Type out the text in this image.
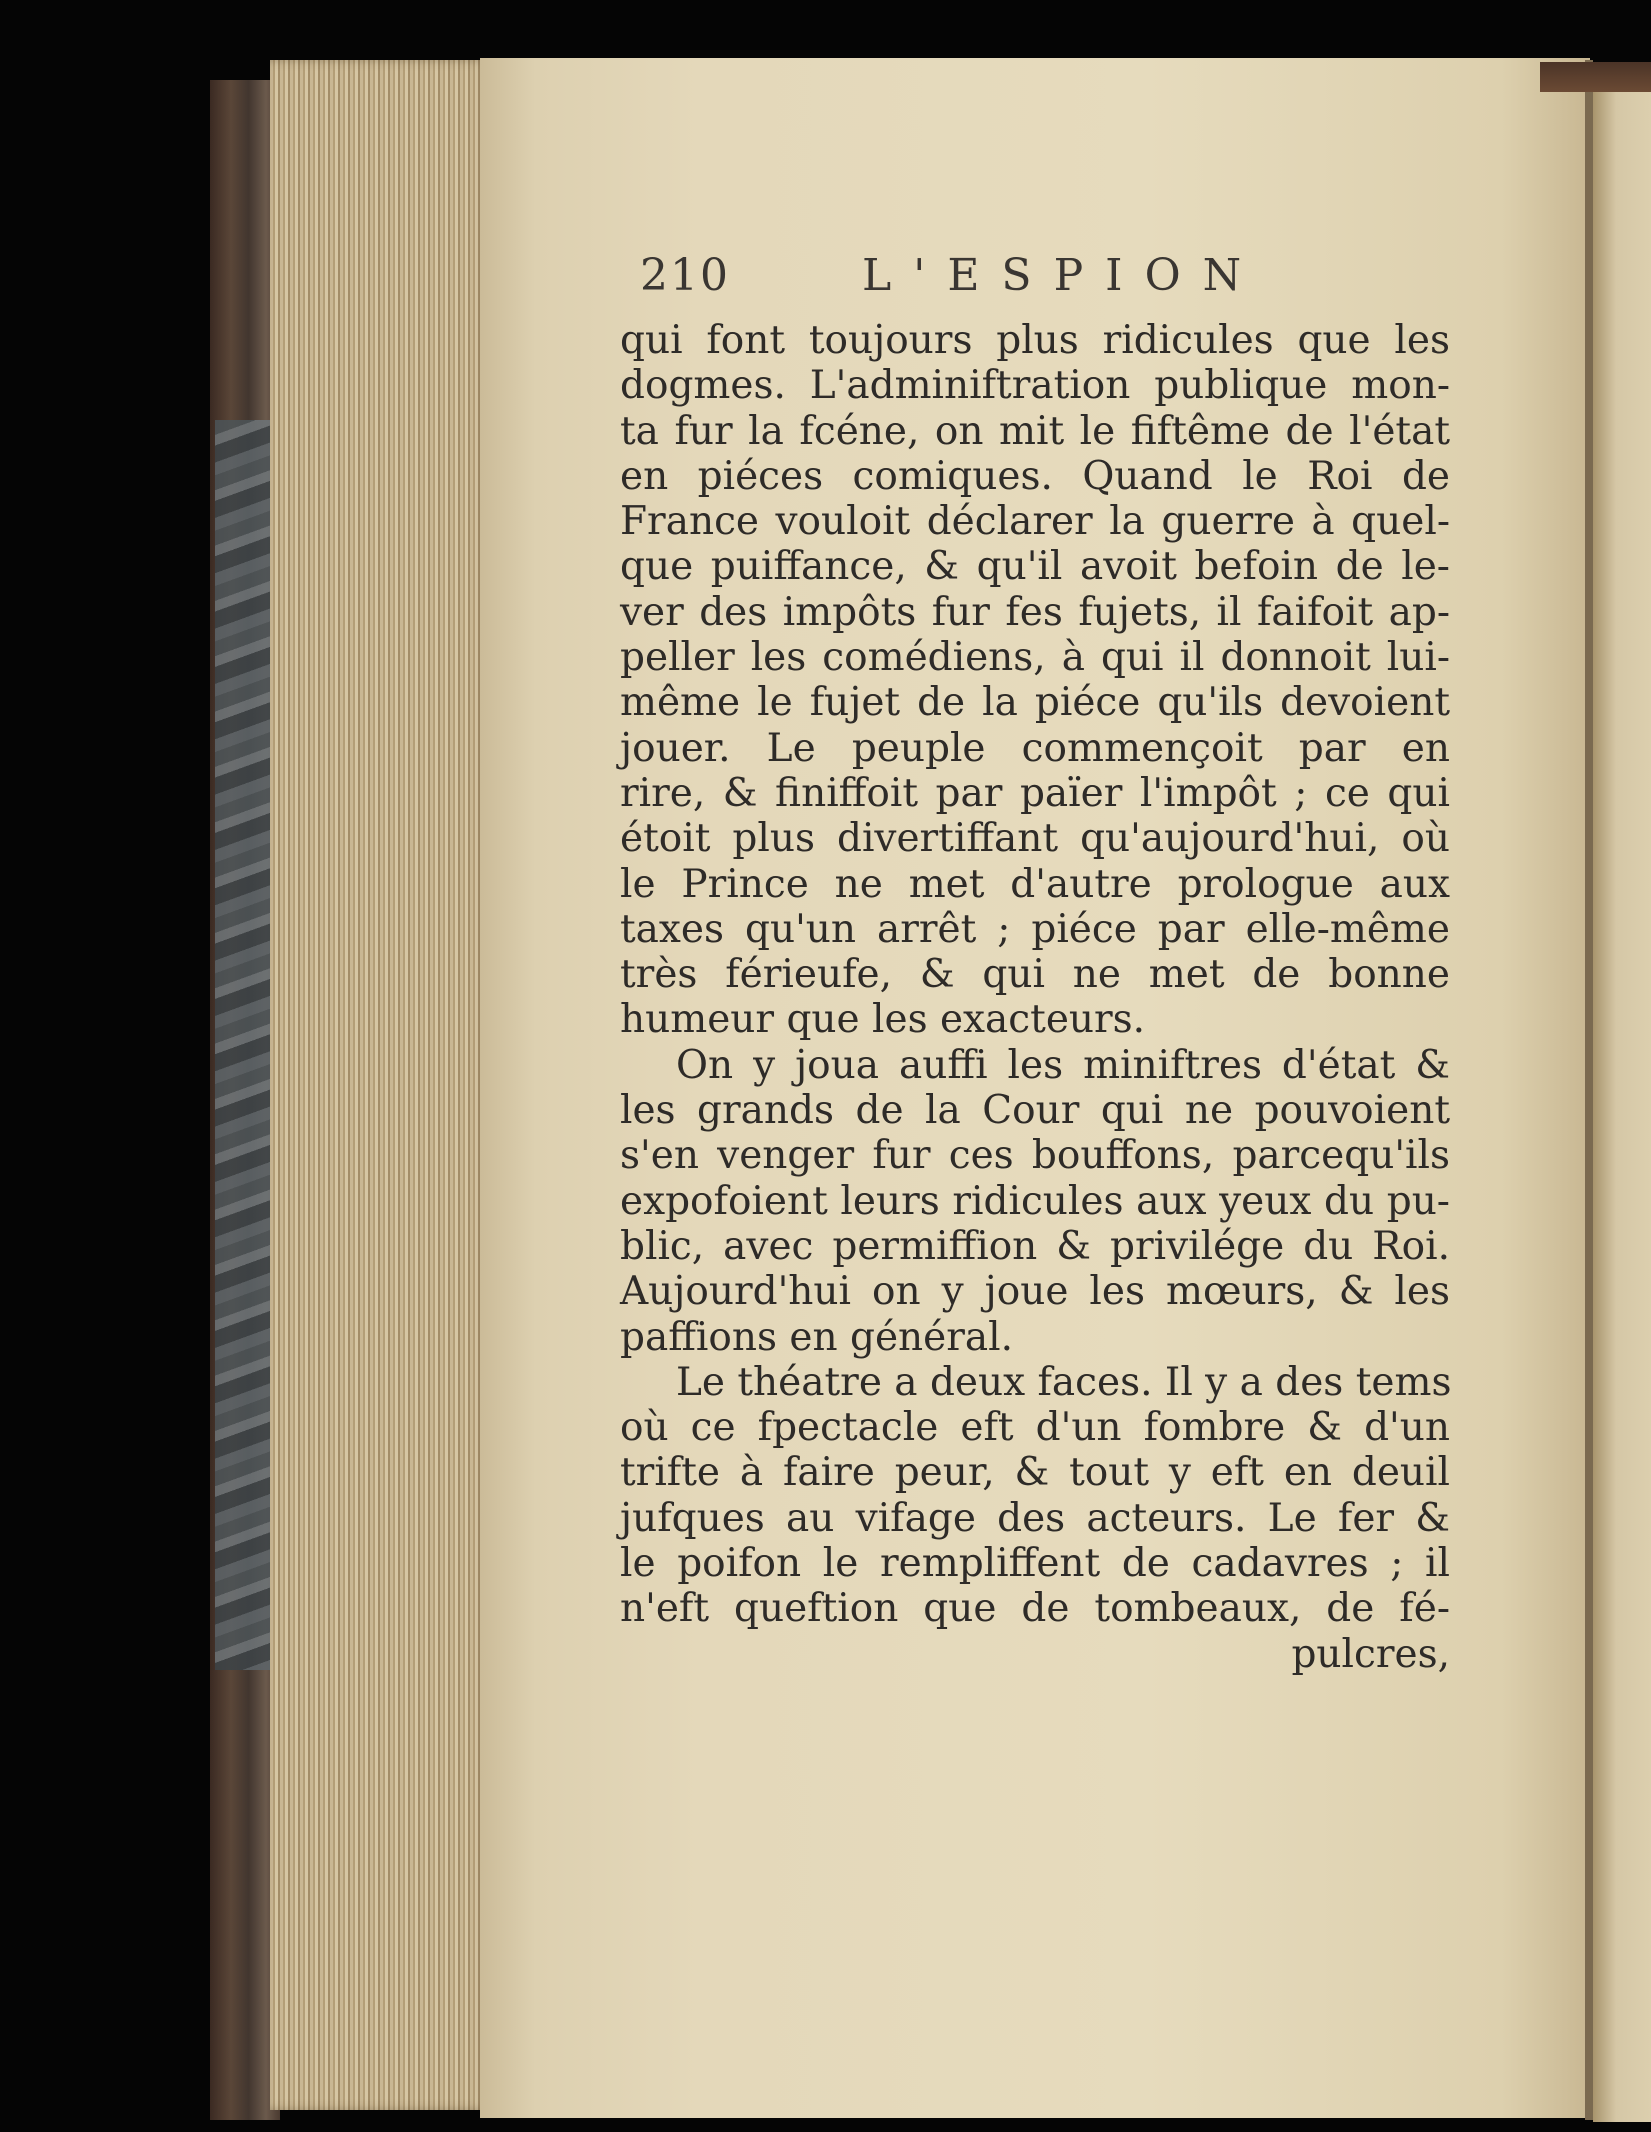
210	L'ESPION
qui font toujours plus ridicules que les
dogmes. L'adminiftration publique mon-
ta fur la fcéne, on mit le fiftême de l'état
en piéces comiques. Quand le Roi de
France vouloit déclarer la guerre à quel-
que puiffance, & qu'il avoit befoin de le-
ver des impôts fur fes fujets, il faifoit ap-
peller les comédiens, à qui il donnoit lui-
même le fujet de la piéce qu'ils devoient
jouer. Le peuple commençoit par en
rire, & finiffoit par païer l'impôt ; ce qui
étoit plus divertiffant qu'aujourd'hui, où
le Prince ne met d'autre prologue aux
taxes qu'un arrêt ; piéce par elle-même
très férieufe, & qui ne met de bonne
humeur que les exacteurs.
On y joua auffi les miniftres d'état &
les grands de la Cour qui ne pouvoient
s'en venger fur ces bouffons, parcequ'ils
expofoient leurs ridicules aux yeux du pu-
blic, avec permiffion & privilége du Roi.
Aujourd'hui on y joue les mœurs, & les
paffions en général.
Le théatre a deux faces. Il y a des tems
où ce fpectacle eft d'un fombre & d'un
trifte à faire peur, & tout y eft en deuil
jufques au vifage des acteurs. Le fer &
le poifon le rempliffent de cadavres ; il
n'eft queftion que de tombeaux, de fé-
pulcres,
